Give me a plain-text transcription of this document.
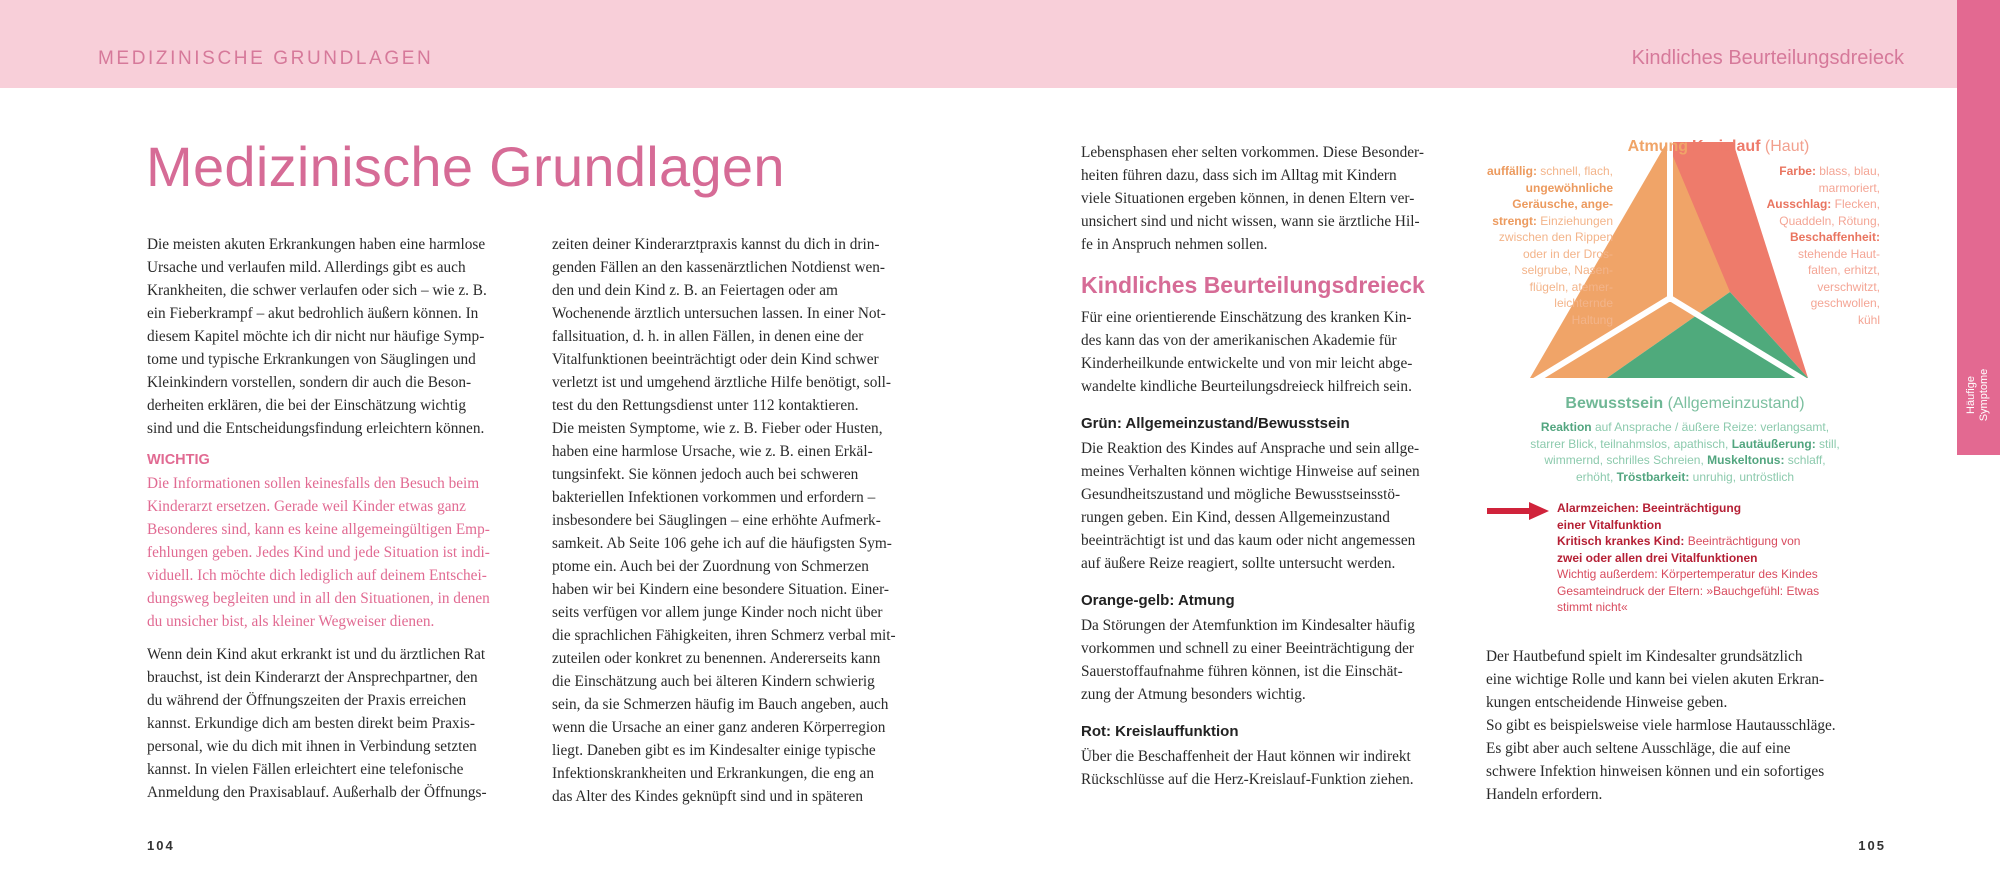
MEDIZINISCHE GRUNDLAGEN	Kindliches Beurteilungsdreieck
Häufige Symptome
Medizinische Grundlagen

Die meisten akuten Erkrankungen haben eine harmlose
Ursache und verlaufen mild. Allerdings gibt es auch
Krankheiten, die schwer verlaufen oder sich – wie z. B.
ein Fieberkrampf – akut bedrohlich äußern können. In
diesem Kapitel möchte ich dir nicht nur häufige Symp-
tome und typische Erkrankungen von Säuglingen und
Kleinkindern vorstellen, sondern dir auch die Beson-
derheiten erklären, die bei der Einschätzung wichtig
sind und die Entscheidungsfindung erleichtern können.

WICHTIG

Die Informationen sollen keinesfalls den Besuch beim
Kinderarzt ersetzen. Gerade weil Kinder etwas ganz
Besonderes sind, kann es keine allgemeingültigen Emp-
fehlungen geben. Jedes Kind und jede Situation ist indi-
viduell. Ich möchte dich lediglich auf deinem Entschei-
dungsweg begleiten und in all den Situationen, in denen
du unsicher bist, als kleiner Wegweiser dienen.

Wenn dein Kind akut erkrankt ist und du ärztlichen Rat
brauchst, ist dein Kinderarzt der Ansprechpartner, den
du während der Öffnungszeiten der Praxis erreichen
kannst. Erkundige dich am besten direkt beim Praxis-
personal, wie du dich mit ihnen in Verbindung setzten
kannst. In vielen Fällen erleichtert eine telefonische
Anmeldung den Praxisablauf. Außerhalb der Öffnungs-

zeiten deiner Kinderarztpraxis kannst du dich in drin-
genden Fällen an den kassenärztlichen Notdienst wen-
den und dein Kind z. B. an Feiertagen oder am
Wochenende ärztlich untersuchen lassen. In einer Not-
fallsituation, d. h. in allen Fällen, in denen eine der
Vitalfunktionen beeinträchtigt oder dein Kind schwer
verletzt ist und umgehend ärztliche Hilfe benötigt, soll-
test du den Rettungsdienst unter 112 kontaktieren.
Die meisten Symptome, wie z. B. Fieber oder Husten,
haben eine harmlose Ursache, wie z. B. einen Erkäl-
tungsinfekt. Sie können jedoch auch bei schweren
bakteriellen Infektionen vorkommen und erfordern –
insbesondere bei Säuglingen – eine erhöhte Aufmerk-
samkeit. Ab Seite 106 gehe ich auf die häufigsten Sym-
ptome ein. Auch bei der Zuordnung von Schmerzen
haben wir bei Kindern eine besondere Situation. Einer-
seits verfügen vor allem junge Kinder noch nicht über
die sprachlichen Fähigkeiten, ihren Schmerz verbal mit-
zuteilen oder konkret zu benennen. Andererseits kann
die Einschätzung auch bei älteren Kindern schwierig
sein, da sie Schmerzen häufig im Bauch angeben, auch
wenn die Ursache an einer ganz anderen Körperregion
liegt. Daneben gibt es im Kindesalter einige typische
Infektionskrankheiten und Erkrankungen, die eng an
das Alter des Kindes geknüpft sind und in späteren

104

Lebensphasen eher selten vorkommen. Diese Besonder-
heiten führen dazu, dass sich im Alltag mit Kindern
viele Situationen ergeben können, in denen Eltern ver-
unsichert sind und nicht wissen, wann sie ärztliche Hil-
fe in Anspruch nehmen sollen.

Kindliches Beurteilungsdreieck

Für eine orientierende Einschätzung des kranken Kin-
des kann das von der amerikanischen Akademie für
Kinderheilkunde entwickelte und von mir leicht abge-
wandelte kindliche Beurteilungsdreieck hilfreich sein.

Grün: Allgemeinzustand/Bewusstsein

Die Reaktion des Kindes auf Ansprache und sein allge-
meines Verhalten können wichtige Hinweise auf seinen
Gesundheitszustand und mögliche Bewusstseinsstö-
rungen geben. Ein Kind, dessen Allgemeinzustand
beeinträchtigt ist und das kaum oder nicht angemessen
auf äußere Reize reagiert, sollte untersucht werden.

Orange-gelb: Atmung

Da Störungen der Atemfunktion im Kindesalter häufig
vorkommen und schnell zu einer Beeinträchtigung der
Sauerstoffaufnahme führen können, ist die Einschät-
zung der Atmung besonders wichtig.

Rot: Kreislauffunktion

Über die Beschaffenheit der Haut können wir indirekt
Rückschlüsse auf die Herz-Kreislauf-Funktion ziehen.

Atmung Kreislauf (Haut)
auffällig: schnell, flach,
ungewöhnliche
Geräusche, ange-
strengt: Einziehungen
zwischen den Rippen
oder in der Dros-
selgrube, Nasen-
flügeln, atemer-
leichternde
Haltung
Farbe: blass, blau,
marmoriert,
Ausschlag: Flecken,
Quaddeln, Rötung,
Beschaffenheit:
stehende Haut-
falten, erhitzt,
verschwitzt,
geschwollen,
kühl
Bewusstsein (Allgemeinzustand)
Reaktion auf Ansprache / äußere Reize: verlangsamt,
starrer Blick, teilnahmslos, apathisch, Lautäußerung: still,
wimmernd, schrilles Schreien, Muskeltonus: schlaff,
erhöht, Tröstbarkeit: unruhig, untröstlich
Alarmzeichen: Beeinträchtigung
einer Vitalfunktion
Kritisch krankes Kind: Beeinträchtigung von
zwei oder allen drei Vitalfunktionen
Wichtig außerdem: Körpertemperatur des Kindes
Gesamteindruck der Eltern: »Bauchgefühl: Etwas
stimmt nicht«

Der Hautbefund spielt im Kindesalter grundsätzlich
eine wichtige Rolle und kann bei vielen akuten Erkran-
kungen entscheidende Hinweise geben.
So gibt es beispielsweise viele harmlose Hautausschläge.
Es gibt aber auch seltene Ausschläge, die auf eine
schwere Infektion hinweisen können und ein sofortiges
Handeln erfordern.

105
